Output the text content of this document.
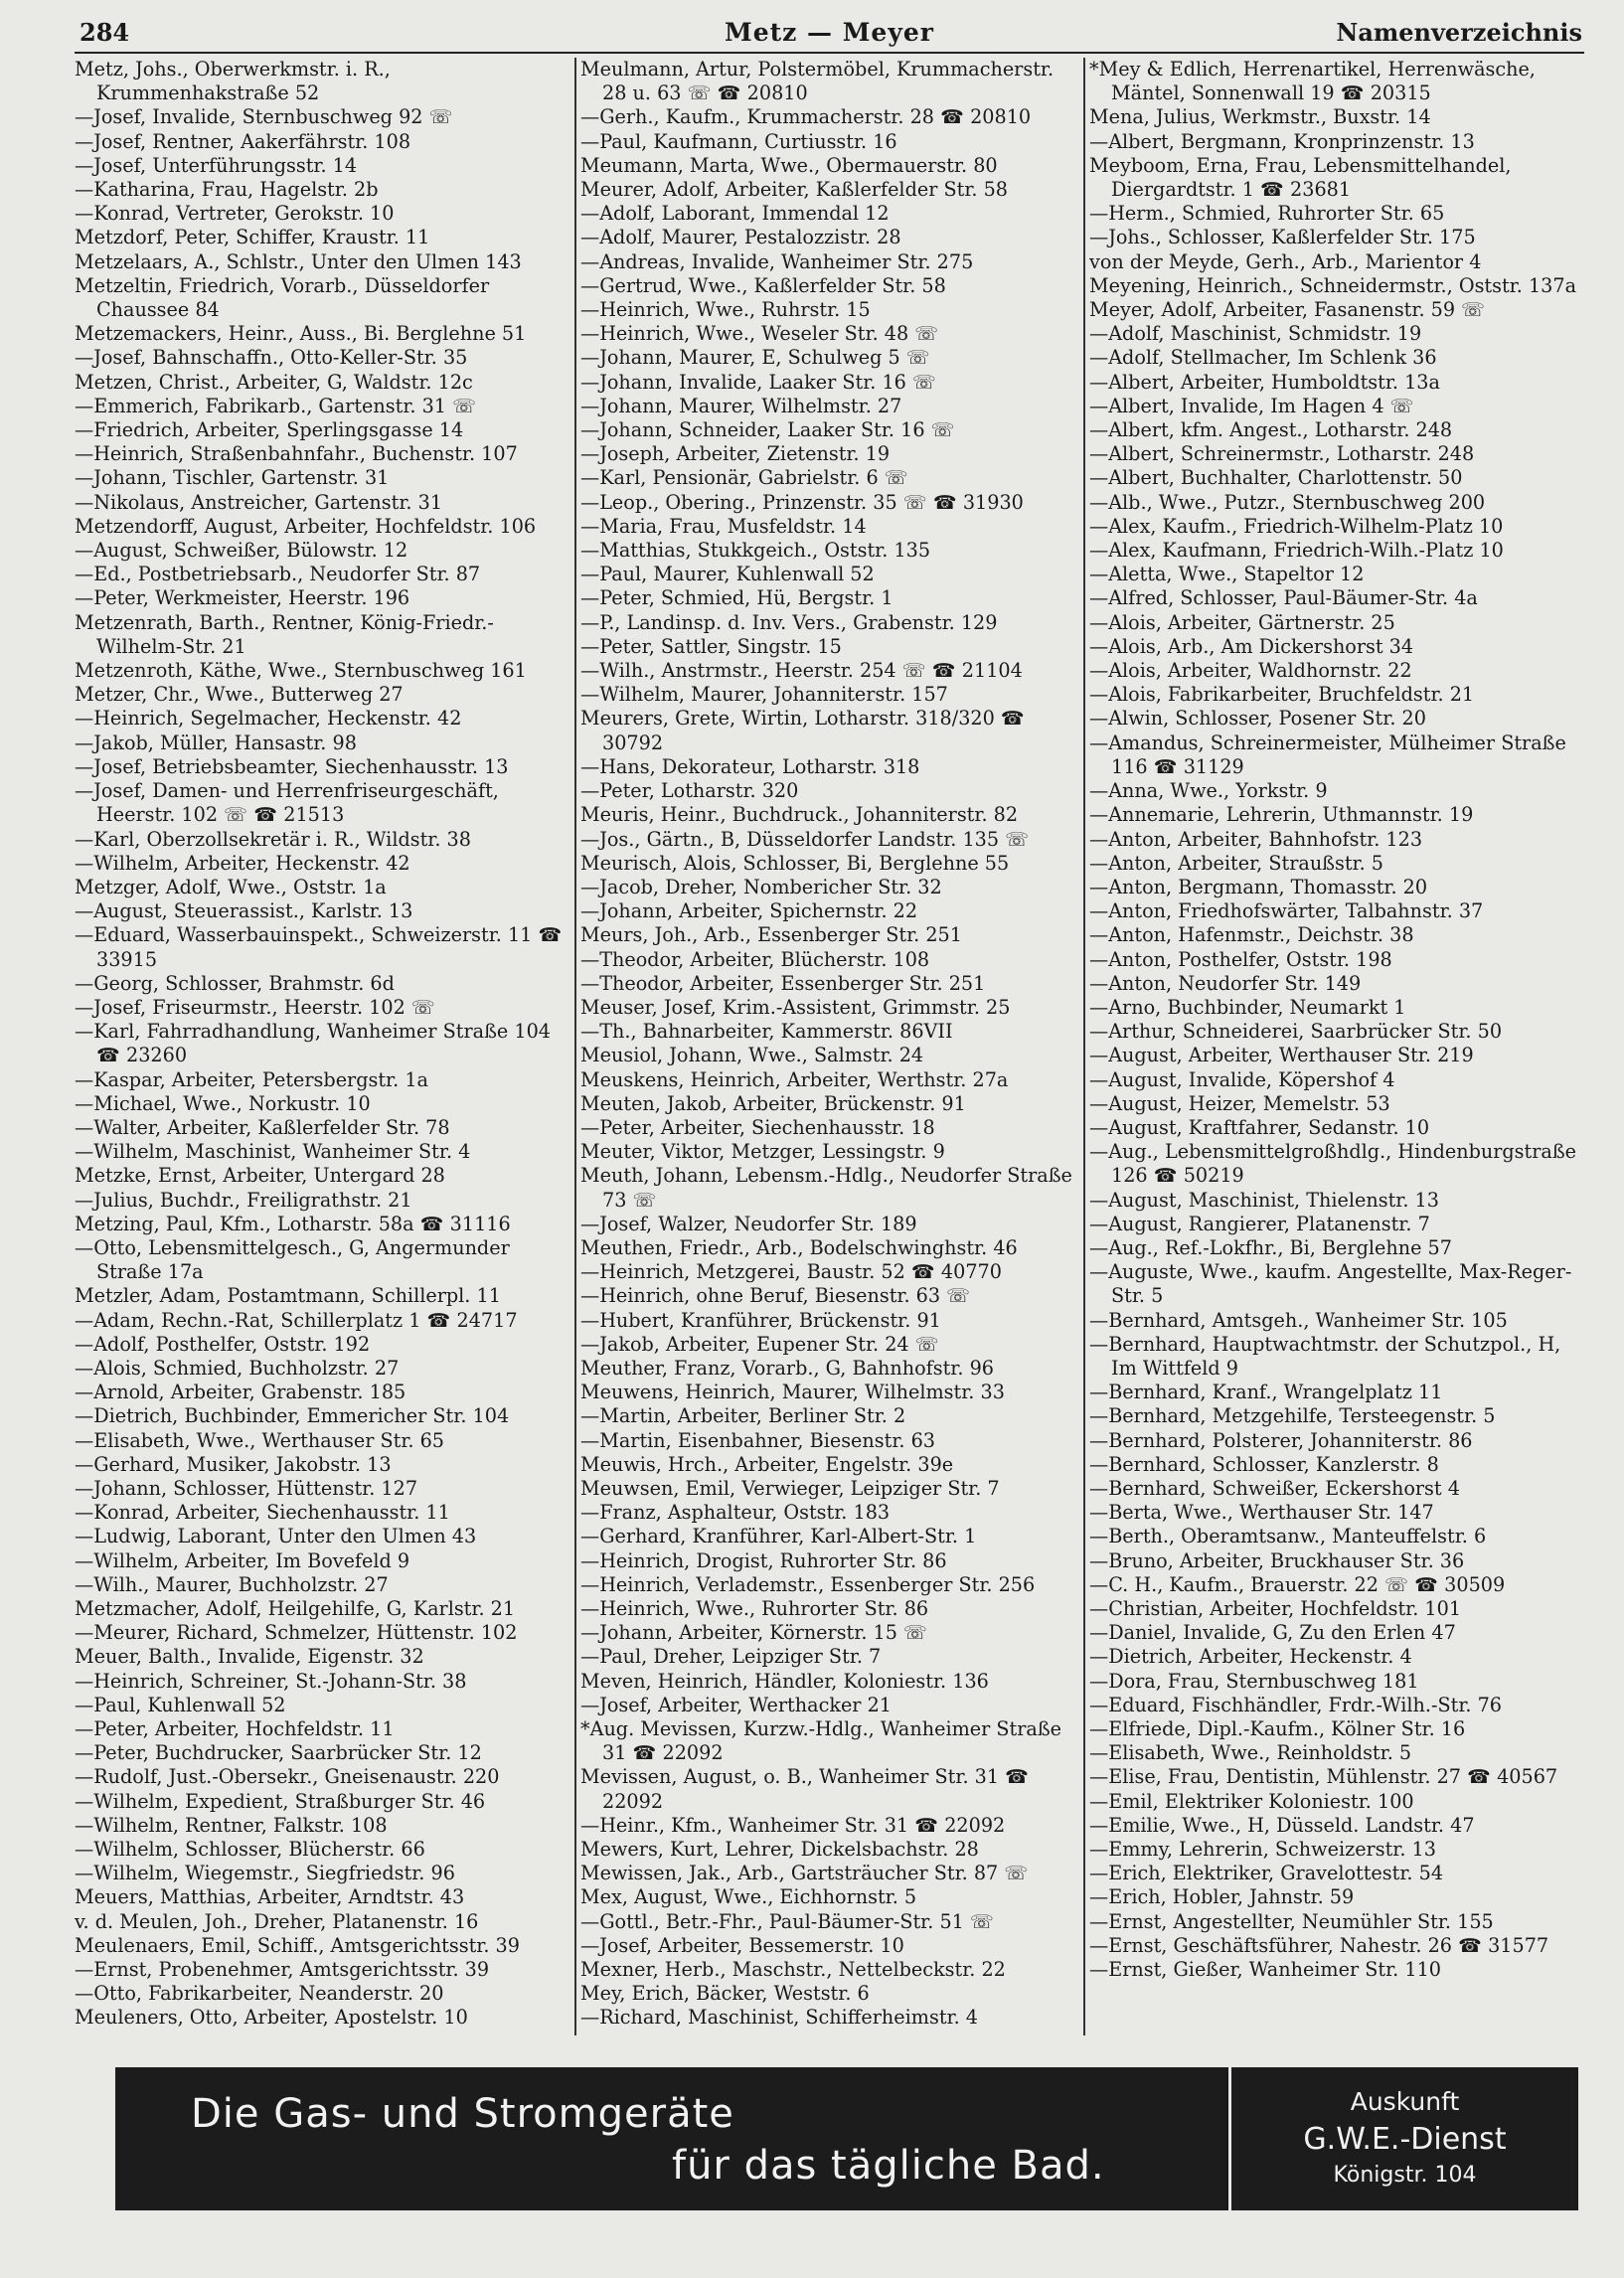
284	Metz — Meyer	Namenverzeichnis

Metz, Johs., Oberwerkmstr. i. R., Krummenhakstraße 52

—Josef, Invalide, Sternbuschweg 92 ☏

—Josef, Rentner, Aakerfährstr. 108

—Josef, Unterführungsstr. 14

—Katharina, Frau, Hagelstr. 2b

—Konrad, Vertreter, Gerokstr. 10

Metzdorf, Peter, Schiffer, Kraustr. 11

Metzelaars, A., Schlstr., Unter den Ulmen 143

Metzeltin, Friedrich, Vorarb., Düsseldorfer Chaussee 84

Metzemackers, Heinr., Auss., Bi. Berglehne 51

—Josef, Bahnschaffn., Otto-Keller-Str. 35

Metzen, Christ., Arbeiter, G, Waldstr. 12c

—Emmerich, Fabrikarb., Gartenstr. 31 ☏

—Friedrich, Arbeiter, Sperlingsgasse 14

—Heinrich, Straßenbahnfahr., Buchenstr. 107

—Johann, Tischler, Gartenstr. 31

—Nikolaus, Anstreicher, Gartenstr. 31

Metzendorff, August, Arbeiter, Hochfeldstr. 106

—August, Schweißer, Bülowstr. 12

—Ed., Postbetriebsarb., Neudorfer Str. 87

—Peter, Werkmeister, Heerstr. 196

Metzenrath, Barth., Rentner, König-Friedr.-Wilhelm-Str. 21

Metzenroth, Käthe, Wwe., Sternbuschweg 161

Metzer, Chr., Wwe., Butterweg 27

—Heinrich, Segelmacher, Heckenstr. 42

—Jakob, Müller, Hansastr. 98

—Josef, Betriebsbeamter, Siechenhausstr. 13

—Josef, Damen- und Herrenfriseurgeschäft, Heerstr. 102 ☏ ☎ 21513

—Karl, Oberzollsekretär i. R., Wildstr. 38

—Wilhelm, Arbeiter, Heckenstr. 42

Metzger, Adolf, Wwe., Oststr. 1a

—August, Steuerassist., Karlstr. 13

—Eduard, Wasserbauinspekt., Schweizerstr. 11 ☎ 33915

—Georg, Schlosser, Brahmstr. 6d

—Josef, Friseurmstr., Heerstr. 102 ☏

—Karl, Fahrradhandlung, Wanheimer Straße 104 ☎ 23260

—Kaspar, Arbeiter, Petersbergstr. 1a

—Michael, Wwe., Norkustr. 10

—Walter, Arbeiter, Kaßlerfelder Str. 78

—Wilhelm, Maschinist, Wanheimer Str. 4

Metzke, Ernst, Arbeiter, Untergard 28

—Julius, Buchdr., Freiligrathstr. 21

Metzing, Paul, Kfm., Lotharstr. 58a ☎ 31116

—Otto, Lebensmittelgesch., G, Angermunder Straße 17a

Metzler, Adam, Postamtmann, Schillerpl. 11

—Adam, Rechn.-Rat, Schillerplatz 1 ☎ 24717

—Adolf, Posthelfer, Oststr. 192

—Alois, Schmied, Buchholzstr. 27

—Arnold, Arbeiter, Grabenstr. 185

—Dietrich, Buchbinder, Emmericher Str. 104

—Elisabeth, Wwe., Werthauser Str. 65

—Gerhard, Musiker, Jakobstr. 13

—Johann, Schlosser, Hüttenstr. 127

—Konrad, Arbeiter, Siechenhausstr. 11

—Ludwig, Laborant, Unter den Ulmen 43

—Wilhelm, Arbeiter, Im Bovefeld 9

—Wilh., Maurer, Buchholzstr. 27

Metzmacher, Adolf, Heilgehilfe, G, Karlstr. 21

—Meurer, Richard, Schmelzer, Hüttenstr. 102

Meuer, Balth., Invalide, Eigenstr. 32

—Heinrich, Schreiner, St.-Johann-Str. 38

—Paul, Kuhlenwall 52

—Peter, Arbeiter, Hochfeldstr. 11

—Peter, Buchdrucker, Saarbrücker Str. 12

—Rudolf, Just.-Obersekr., Gneisenaustr. 220

—Wilhelm, Expedient, Straßburger Str. 46

—Wilhelm, Rentner, Falkstr. 108

—Wilhelm, Schlosser, Blücherstr. 66

—Wilhelm, Wiegemstr., Siegfriedstr. 96

Meuers, Matthias, Arbeiter, Arndtstr. 43

v. d. Meulen, Joh., Dreher, Platanenstr. 16

Meulenaers, Emil, Schiff., Amtsgerichtsstr. 39

—Ernst, Probenehmer, Amtsgerichtsstr. 39

—Otto, Fabrikarbeiter, Neanderstr. 20

Meuleners, Otto, Arbeiter, Apostelstr. 10

Meulmann, Artur, Polstermöbel, Krummacherstr. 28 u. 63 ☏ ☎ 20810

—Gerh., Kaufm., Krummacherstr. 28 ☎ 20810

—Paul, Kaufmann, Curtiusstr. 16

Meumann, Marta, Wwe., Obermauerstr. 80

Meurer, Adolf, Arbeiter, Kaßlerfelder Str. 58

—Adolf, Laborant, Immendal 12

—Adolf, Maurer, Pestalozzistr. 28

—Andreas, Invalide, Wanheimer Str. 275

—Gertrud, Wwe., Kaßlerfelder Str. 58

—Heinrich, Wwe., Ruhrstr. 15

—Heinrich, Wwe., Weseler Str. 48 ☏

—Johann, Maurer, E, Schulweg 5 ☏

—Johann, Invalide, Laaker Str. 16 ☏

—Johann, Maurer, Wilhelmstr. 27

—Johann, Schneider, Laaker Str. 16 ☏

—Joseph, Arbeiter, Zietenstr. 19

—Karl, Pensionär, Gabrielstr. 6 ☏

—Leop., Obering., Prinzenstr. 35 ☏ ☎ 31930

—Maria, Frau, Musfeldstr. 14

—Matthias, Stukkgeich., Oststr. 135

—Paul, Maurer, Kuhlenwall 52

—Peter, Schmied, Hü, Bergstr. 1

—P., Landinsp. d. Inv. Vers., Grabenstr. 129

—Peter, Sattler, Singstr. 15

—Wilh., Anstrmstr., Heerstr. 254 ☏ ☎ 21104

—Wilhelm, Maurer, Johanniterstr. 157

Meurers, Grete, Wirtin, Lotharstr. 318/320 ☎ 30792

—Hans, Dekorateur, Lotharstr. 318

—Peter, Lotharstr. 320

Meuris, Heinr., Buchdruck., Johanniterstr. 82

—Jos., Gärtn., B, Düsseldorfer Landstr. 135 ☏

Meurisch, Alois, Schlosser, Bi, Berglehne 55

—Jacob, Dreher, Nombericher Str. 32

—Johann, Arbeiter, Spichernstr. 22

Meurs, Joh., Arb., Essenberger Str. 251

—Theodor, Arbeiter, Blücherstr. 108

—Theodor, Arbeiter, Essenberger Str. 251

Meuser, Josef, Krim.-Assistent, Grimmstr. 25

—Th., Bahnarbeiter, Kammerstr. 86VII

Meusiol, Johann, Wwe., Salmstr. 24

Meuskens, Heinrich, Arbeiter, Werthstr. 27a

Meuten, Jakob, Arbeiter, Brückenstr. 91

—Peter, Arbeiter, Siechenhausstr. 18

Meuter, Viktor, Metzger, Lessingstr. 9

Meuth, Johann, Lebensm.-Hdlg., Neudorfer Straße 73 ☏

—Josef, Walzer, Neudorfer Str. 189

Meuthen, Friedr., Arb., Bodelschwinghstr. 46

—Heinrich, Metzgerei, Baustr. 52 ☎ 40770

—Heinrich, ohne Beruf, Biesenstr. 63 ☏

—Hubert, Kranführer, Brückenstr. 91

—Jakob, Arbeiter, Eupener Str. 24 ☏

Meuther, Franz, Vorarb., G, Bahnhofstr. 96

Meuwens, Heinrich, Maurer, Wilhelmstr. 33

—Martin, Arbeiter, Berliner Str. 2

—Martin, Eisenbahner, Biesenstr. 63

Meuwis, Hrch., Arbeiter, Engelstr. 39e

Meuwsen, Emil, Verwieger, Leipziger Str. 7

—Franz, Asphalteur, Oststr. 183

—Gerhard, Kranführer, Karl-Albert-Str. 1

—Heinrich, Drogist, Ruhrorter Str. 86

—Heinrich, Verlademstr., Essenberger Str. 256

—Heinrich, Wwe., Ruhrorter Str. 86

—Johann, Arbeiter, Körnerstr. 15 ☏

—Paul, Dreher, Leipziger Str. 7

Meven, Heinrich, Händler, Koloniestr. 136

—Josef, Arbeiter, Werthacker 21

*Aug. Mevissen, Kurzw.-Hdlg., Wanheimer Straße 31 ☎ 22092

Mevissen, August, o. B., Wanheimer Str. 31 ☎ 22092

—Heinr., Kfm., Wanheimer Str. 31 ☎ 22092

Mewers, Kurt, Lehrer, Dickelsbachstr. 28

Mewissen, Jak., Arb., Gartsträucher Str. 87 ☏

Mex, August, Wwe., Eichhornstr. 5

—Gottl., Betr.-Fhr., Paul-Bäumer-Str. 51 ☏

—Josef, Arbeiter, Bessemerstr. 10

Mexner, Herb., Maschstr., Nettelbeckstr. 22

Mey, Erich, Bäcker, Weststr. 6

—Richard, Maschinist, Schifferheimstr. 4

*Mey & Edlich, Herrenartikel, Herrenwäsche, Mäntel, Sonnenwall 19 ☎ 20315

Mena, Julius, Werkmstr., Buxstr. 14

—Albert, Bergmann, Kronprinzenstr. 13

Meyboom, Erna, Frau, Lebensmittelhandel, Diergardtstr. 1 ☎ 23681

—Herm., Schmied, Ruhrorter Str. 65

—Johs., Schlosser, Kaßlerfelder Str. 175

von der Meyde, Gerh., Arb., Marientor 4

Meyening, Heinrich., Schneidermstr., Oststr. 137a

Meyer, Adolf, Arbeiter, Fasanenstr. 59 ☏

—Adolf, Maschinist, Schmidstr. 19

—Adolf, Stellmacher, Im Schlenk 36

—Albert, Arbeiter, Humboldtstr. 13a

—Albert, Invalide, Im Hagen 4 ☏

—Albert, kfm. Angest., Lotharstr. 248

—Albert, Schreinermstr., Lotharstr. 248

—Albert, Buchhalter, Charlottenstr. 50

—Alb., Wwe., Putzr., Sternbuschweg 200

—Alex, Kaufm., Friedrich-Wilhelm-Platz 10

—Alex, Kaufmann, Friedrich-Wilh.-Platz 10

—Aletta, Wwe., Stapeltor 12

—Alfred, Schlosser, Paul-Bäumer-Str. 4a

—Alois, Arbeiter, Gärtnerstr. 25

—Alois, Arb., Am Dickershorst 34

—Alois, Arbeiter, Waldhornstr. 22

—Alois, Fabrikarbeiter, Bruchfeldstr. 21

—Alwin, Schlosser, Posener Str. 20

—Amandus, Schreinermeister, Mülheimer Straße 116 ☎ 31129

—Anna, Wwe., Yorkstr. 9

—Annemarie, Lehrerin, Uthmannstr. 19

—Anton, Arbeiter, Bahnhofstr. 123

—Anton, Arbeiter, Straußstr. 5

—Anton, Bergmann, Thomasstr. 20

—Anton, Friedhofswärter, Talbahnstr. 37

—Anton, Hafenmstr., Deichstr. 38

—Anton, Posthelfer, Oststr. 198

—Anton, Neudorfer Str. 149

—Arno, Buchbinder, Neumarkt 1

—Arthur, Schneiderei, Saarbrücker Str. 50

—August, Arbeiter, Werthauser Str. 219

—August, Invalide, Köpershof 4

—August, Heizer, Memelstr. 53

—August, Kraftfahrer, Sedanstr. 10

—Aug., Lebensmittelgroßhdlg., Hindenburgstraße 126 ☎ 50219

—August, Maschinist, Thielenstr. 13

—August, Rangierer, Platanenstr. 7

—Aug., Ref.-Lokfhr., Bi, Berglehne 57

—Auguste, Wwe., kaufm. Angestellte, Max-Reger-Str. 5

—Bernhard, Amtsgeh., Wanheimer Str. 105

—Bernhard, Hauptwachtmstr. der Schutzpol., H, Im Wittfeld 9

—Bernhard, Kranf., Wrangelplatz 11

—Bernhard, Metzgehilfe, Tersteegenstr. 5

—Bernhard, Polsterer, Johanniterstr. 86

—Bernhard, Schlosser, Kanzlerstr. 8

—Bernhard, Schweißer, Eckershorst 4

—Berta, Wwe., Werthauser Str. 147

—Berth., Oberamtsanw., Manteuffelstr. 6

—Bruno, Arbeiter, Bruckhauser Str. 36

—C. H., Kaufm., Brauerstr. 22 ☏ ☎ 30509

—Christian, Arbeiter, Hochfeldstr. 101

—Daniel, Invalide, G, Zu den Erlen 47

—Dietrich, Arbeiter, Heckenstr. 4

—Dora, Frau, Sternbuschweg 181

—Eduard, Fischhändler, Frdr.-Wilh.-Str. 76

—Elfriede, Dipl.-Kaufm., Kölner Str. 16

—Elisabeth, Wwe., Reinholdstr. 5

—Elise, Frau, Dentistin, Mühlenstr. 27 ☎ 40567

—Emil, Elektriker Koloniestr. 100

—Emilie, Wwe., H, Düsseld. Landstr. 47

—Emmy, Lehrerin, Schweizerstr. 13

—Erich, Elektriker, Gravelottestr. 54

—Erich, Hobler, Jahnstr. 59

—Ernst, Angestellter, Neumühler Str. 155

—Ernst, Geschäftsführer, Nahestr. 26 ☎ 31577

—Ernst, Gießer, Wanheimer Str. 110

Die Gas- und Stromgeräte
für das tägliche Bad.
Auskunft
G.W.E.-Dienst
Königstr. 104
